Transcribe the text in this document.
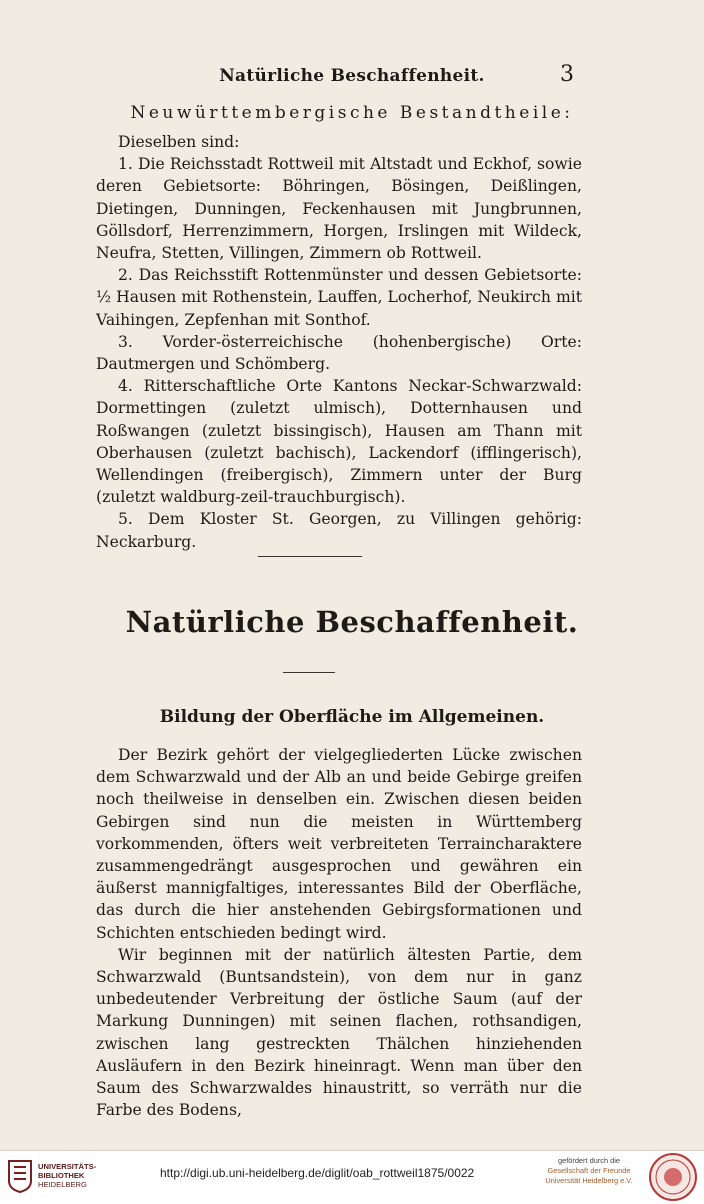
Natürliche Beschaffenheit.	3
Neuwürttembergische Bestandtheile:

Dieselben sind:

1. Die Reichsstadt Rottweil mit Altstadt und Eckhof, sowie deren Gebietsorte: Böhringen, Bösingen, Deißlingen, Dietingen, Dunningen, Feckenhausen mit Jungbrunnen, Göllsdorf, Herrenzimmern, Horgen, Irslingen mit Wildeck, Neufra, Stetten, Villingen, Zimmern ob Rottweil.

2. Das Reichsstift Rottenmünster und dessen Gebietsorte: ½ Hausen mit Rothenstein, Lauffen, Locherhof, Neukirch mit Vaihingen, Zepfenhan mit Sonthof.

3. Vorder-österreichische (hohenbergische) Orte: Dautmergen und Schömberg.

4. Ritterschaftliche Orte Kantons Neckar-Schwarzwald: Dormettingen (zuletzt ulmisch), Dotternhausen und Roßwangen (zuletzt bissingisch), Hausen am Thann mit Oberhausen (zuletzt bachisch), Lackendorf (ifflingerisch), Wellendingen (freibergisch), Zimmern unter der Burg (zuletzt waldburg-zeil-trauchburgisch).

5. Dem Kloster St. Georgen, zu Villingen gehörig: Neckarburg.

Natürliche Beschaffenheit.
Bildung der Oberfläche im Allgemeinen.

Der Bezirk gehört der vielgegliederten Lücke zwischen dem Schwarzwald und der Alb an und beide Gebirge greifen noch theilweise in denselben ein. Zwischen diesen beiden Gebirgen sind nun die meisten in Württemberg vorkommenden, öfters weit verbreiteten Terraincharaktere zusammengedrängt ausgesprochen und gewähren ein äußerst mannigfaltiges, interessantes Bild der Oberfläche, das durch die hier anstehenden Gebirgsformationen und Schichten entschieden bedingt wird.

Wir beginnen mit der natürlich ältesten Partie, dem Schwarzwald (Buntsandstein), von dem nur in ganz unbedeutender Verbreitung der östliche Saum (auf der Markung Dunningen) mit seinen flachen, rothsandigen, zwischen lang gestreckten Thälchen hinziehenden Ausläufern in den Bezirk hineinragt. Wenn man über den Saum des Schwarzwaldes hinaustritt, so verräth nur die Farbe des Bodens,

UNIVERSITÄTS-
BIBLIOTHEK
HEIDELBERG
http://digi.ub.uni-heidelberg.de/diglit/oab_rottweil1875/0022
gefördert durch die
Gesellschaft der Freunde
Universität Heidelberg e.V.
